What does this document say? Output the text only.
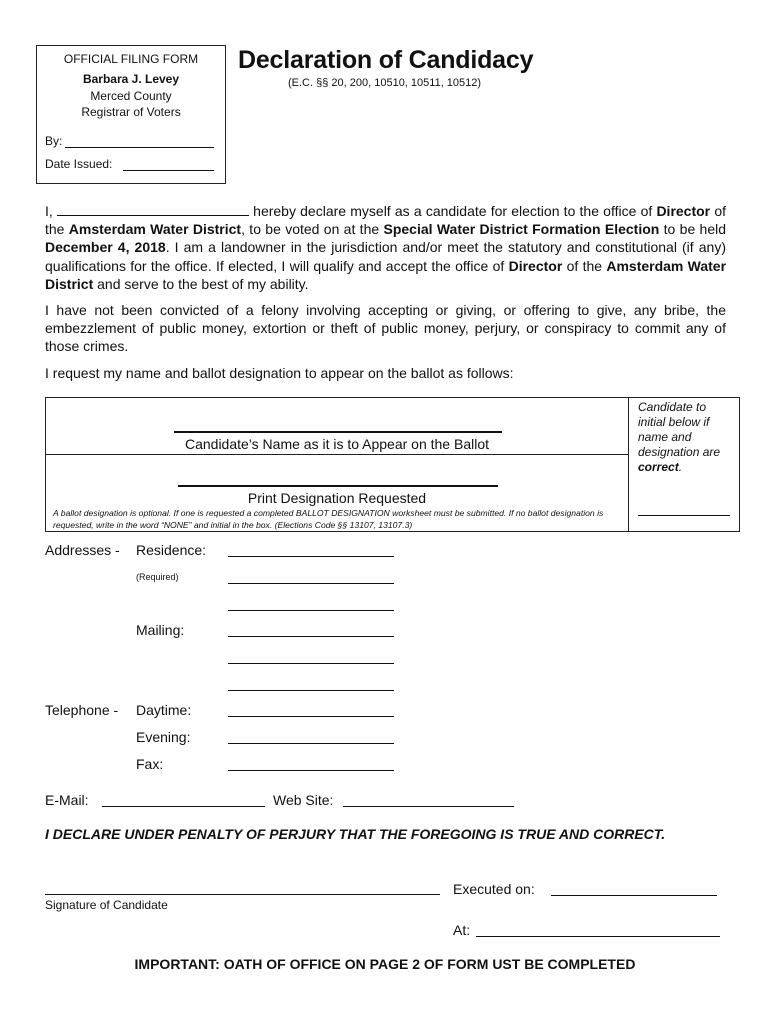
OFFICIAL FILING FORM
Barbara J. Levey
Merced County
Registrar of Voters
By:
Date Issued:
Declaration of Candidacy
(E.C. §§ 20, 200, 10510, 10511, 10512)
I,	hereby declare myself as a candidate for election to the office of Director of the Amsterdam Water District, to be voted on at the Special Water District Formation Election to be held December 4, 2018. I am a landowner in the jurisdiction and/or meet the statutory and constitutional (if any) qualifications for the office. If elected, I will qualify and accept the office of Director of the Amsterdam Water District and serve to the best of my ability.
I have not been convicted of a felony involving accepting or giving, or offering to give, any bribe, the embezzlement of public money, extortion or theft of public money, perjury, or conspiracy to commit any of those crimes.
I request my name and ballot designation to appear on the ballot as follows:
Candidate’s Name as it is to Appear on the Ballot
Print Designation Requested
A ballot designation is optional. If one is requested a completed BALLOT DESIGNATION worksheet must be submitted. If no ballot designation is requested, write in the word “NONE” and initial in the box. (Elections Code §§ 13107, 13107.3)
Candidate to initial below if name and designation are correct.
Addresses - Residence:
(Required)
Mailing:
Telephone - Daytime:
Evening:
Fax:
E-Mail:	Web Site:
I DECLARE UNDER PENALTY OF PERJURY THAT THE FOREGOING IS TRUE AND CORRECT.
Signature of Candidate
Executed on:
At:
IMPORTANT: OATH OF OFFICE ON PAGE 2 OF FORM UST BE COMPLETED
